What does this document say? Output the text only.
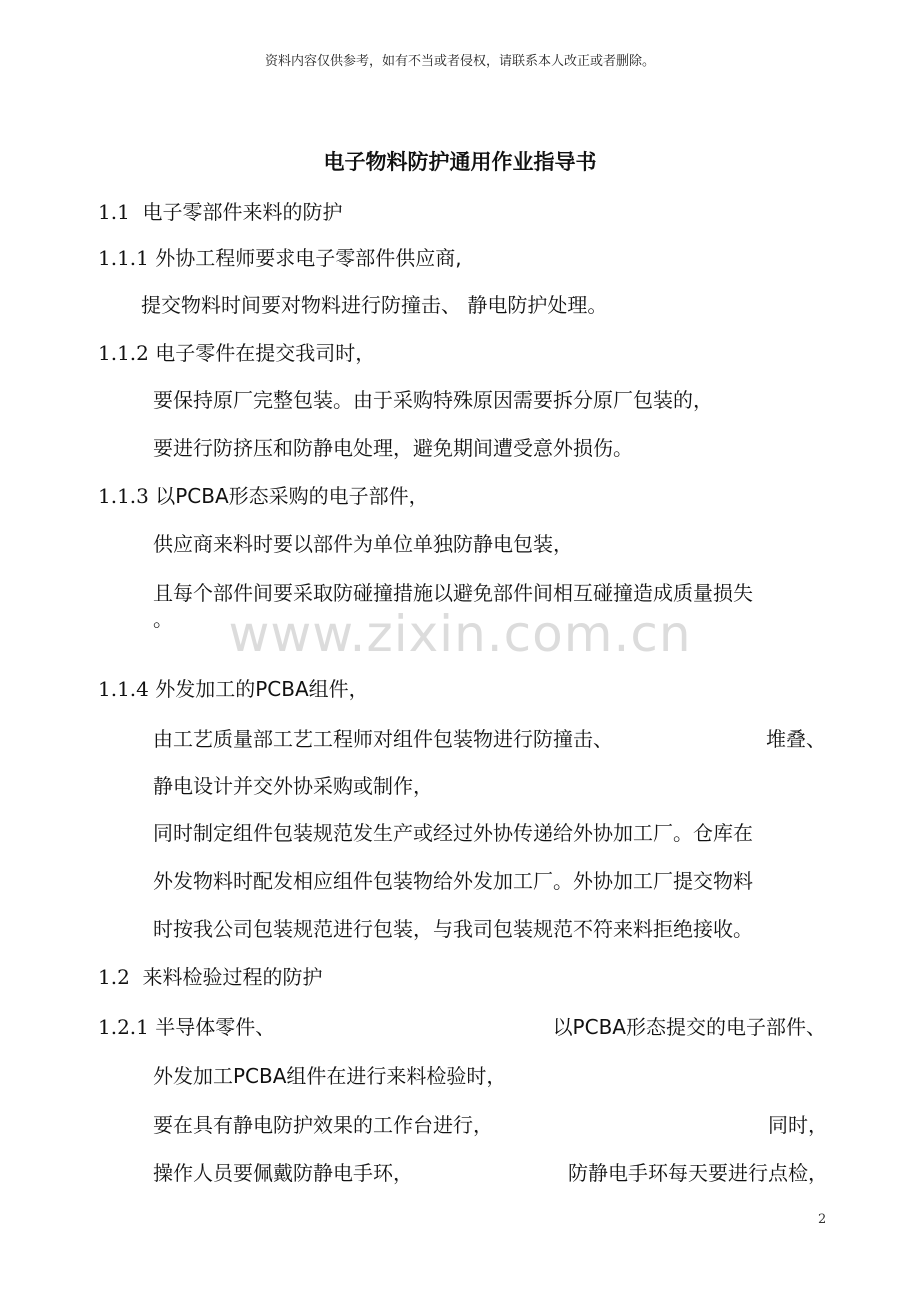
资料内容仅供参考，如有不当或者侵权，请联系本人改正或者删除。
电子物料防护通用作业指导书
1.1 电子零部件来料的防护
1.1.1 外协工程师要求电子零部件供应商,
提交物料时间要对物料进行防撞击、 静电防护处理。
1.1.2 电子零件在提交我司时，
要保持原厂完整包装。由于采购特殊原因需要拆分原厂包装的，
要进行防挤压和防静电处理，避免期间遭受意外损伤。
1.1.3 以PCBA形态采购的电子部件，
供应商来料时要以部件为单位单独防静电包装，
且每个部件间要采取防碰撞措施以避免部件间相互碰撞造成质量损失
。
1.1.4 外发加工的PCBA组件，
由工艺质量部工艺工程师对组件包装物进行防撞击、	堆叠、
静电设计并交外协采购或制作，
同时制定组件包装规范发生产或经过外协传递给外协加工厂。仓库在
外发物料时配发相应组件包装物给外发加工厂。外协加工厂提交物料
时按我公司包装规范进行包装，与我司包装规范不符来料拒绝接收。
1.2 来料检验过程的防护
1.2.1 半导体零件、	以PCBA形态提交的电子部件、
外发加工PCBA组件在进行来料检验时，
要在具有静电防护效果的工作台进行，	同时，
操作人员要佩戴防静电手环，	防静电手环每天要进行点检，
www.zixin.com.cn
2
